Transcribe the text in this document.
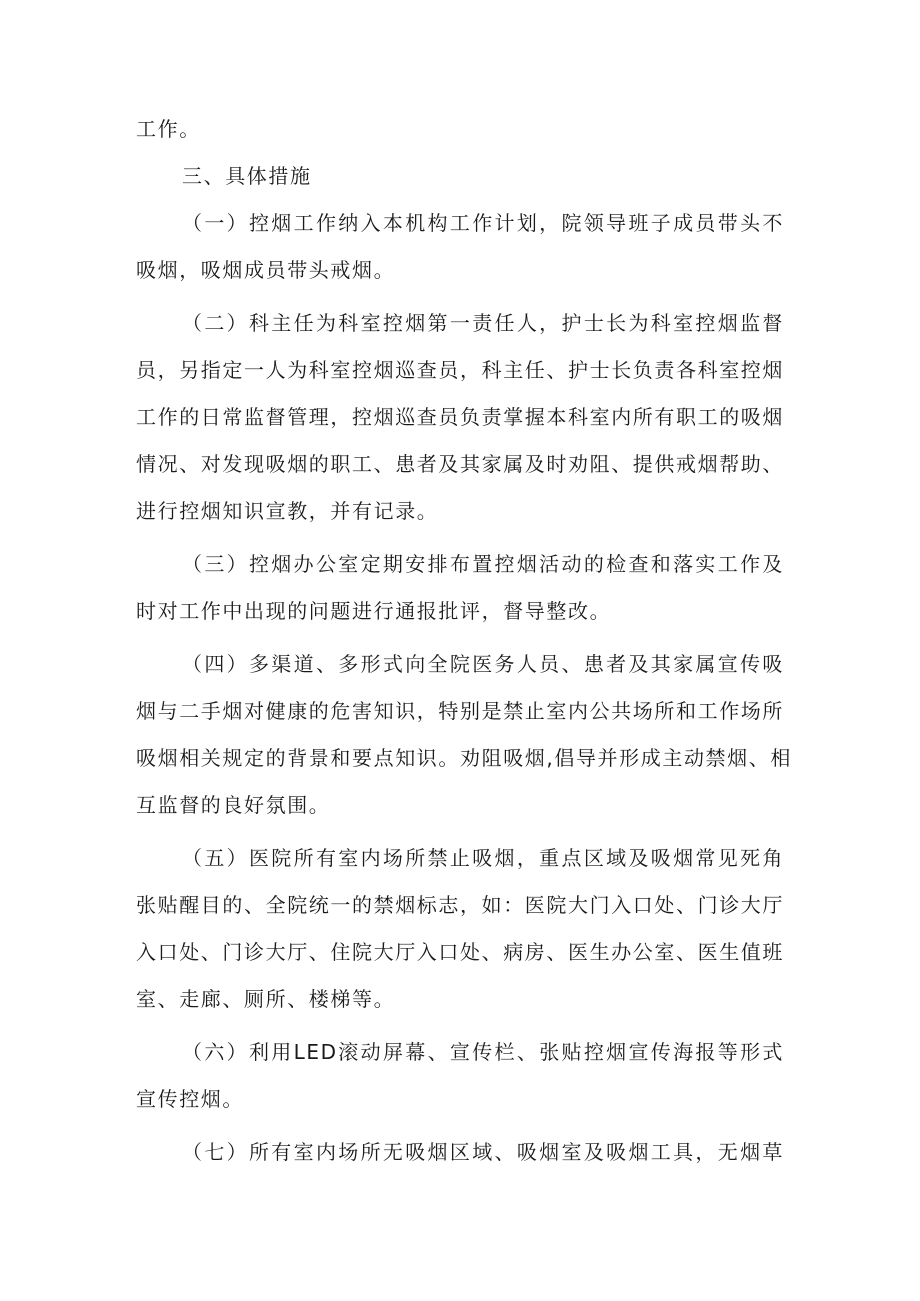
工作。
三、具体措施
（一）控烟工作纳入本机构工作计划，院领导班子成员带头不
吸烟，吸烟成员带头戒烟。
（二）科主任为科室控烟第一责任人，护士长为科室控烟监督
员，另指定一人为科室控烟巡查员，科主任、护士长负责各科室控烟
工作的日常监督管理，控烟巡查员负责掌握本科室内所有职工的吸烟
情况、对发现吸烟的职工、患者及其家属及时劝阻、提供戒烟帮助、
进行控烟知识宣教，并有记录。
（三）控烟办公室定期安排布置控烟活动的检查和落实工作及
时对工作中出现的问题进行通报批评，督导整改。
（四）多渠道、多形式向全院医务人员、患者及其家属宣传吸
烟与二手烟对健康的危害知识，特别是禁止室内公共场所和工作场所
吸烟相关规定的背景和要点知识。劝阻吸烟,倡导并形成主动禁烟、相
互监督的良好氛围。
（五）医院所有室内场所禁止吸烟，重点区域及吸烟常见死角
张贴醒目的、全院统一的禁烟标志，如：医院大门入口处、门诊大厅
入口处、门诊大厅、住院大厅入口处、病房、医生办公室、医生值班
室、走廊、厕所、楼梯等。
（六）利用LED滚动屏幕、宣传栏、张贴控烟宣传海报等形式
宣传控烟。
（七）所有室内场所无吸烟区域、吸烟室及吸烟工具，无烟草
